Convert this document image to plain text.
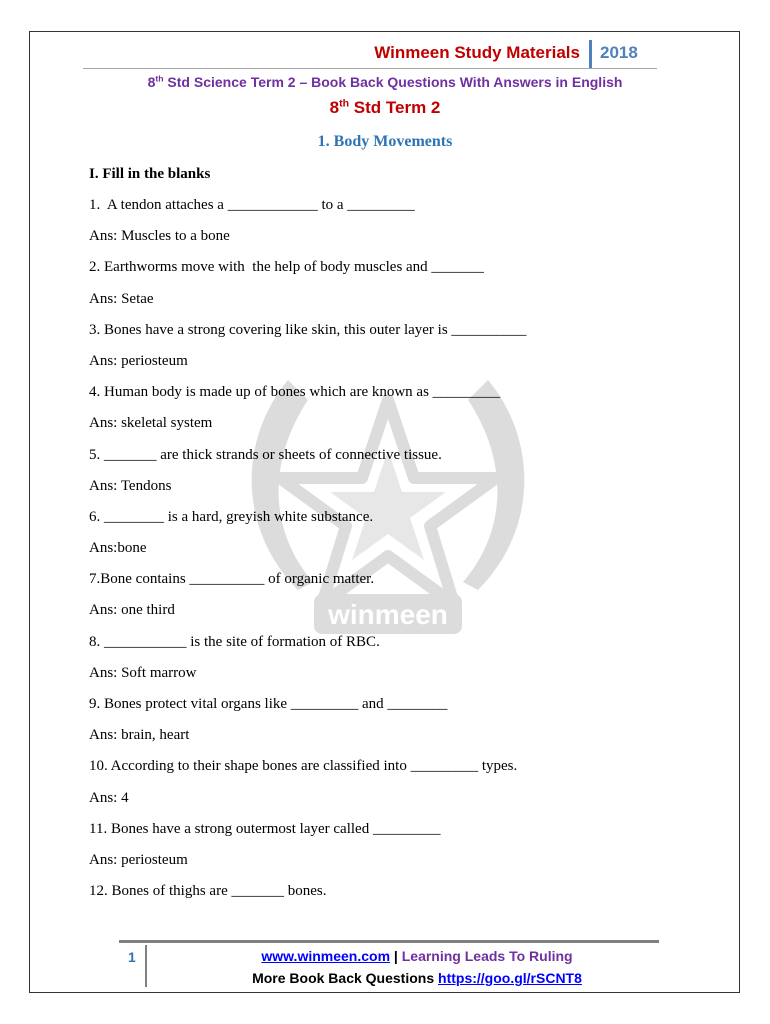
Winmeen Study Materials 2018
8th Std Science Term 2 – Book Back Questions With Answers in English
8th Std Term 2
1. Body Movements
I. Fill in the blanks
winmeen
1.  A tendon attaches a ____________ to a _________
Ans: Muscles to a bone
2. Earthworms move with  the help of body muscles and _______
Ans: Setae
3. Bones have a strong covering like skin, this outer layer is __________
Ans: periosteum
4. Human body is made up of bones which are known as _________
Ans: skeletal system
5. _______ are thick strands or sheets of connective tissue.
Ans: Tendons
6. ________ is a hard, greyish white substance.
Ans:bone
7.Bone contains __________ of organic matter.
Ans: one third
8. ___________ is the site of formation of RBC.
Ans: Soft marrow
9. Bones protect vital organs like _________ and ________
Ans: brain, heart
10. According to their shape bones are classified into _________ types.
Ans: 4
11. Bones have a strong outermost layer called _________
Ans: periosteum
12. Bones of thighs are _______ bones.
1	www.winmeen.com | Learning Leads To Ruling
More Book Back Questions https://goo.gl/rSCNT8
